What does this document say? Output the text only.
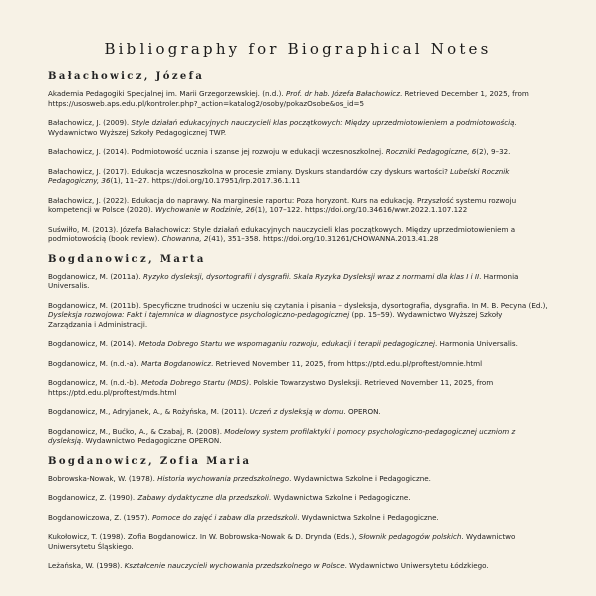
Bibliography for Biographical Notes
Bałachowicz, Józefa

Akademia Pedagogiki Specjalnej im. Marii Grzegorzewskiej. (n.d.). Prof. dr hab. Józefa Bałachowicz. Retrieved December 1, 2025, from https://usosweb.aps.edu.pl/kontroler.php?_action=katalog2/osoby/pokazOsobe&os_id=5

Bałachowicz, J. (2009). Style działań edukacyjnych nauczycieli klas początkowych: Między uprzedmiotowieniem a podmiotowością. Wydawnictwo Wyższej Szkoły Pedagogicznej TWP.

Bałachowicz, J. (2014). Podmiotowość ucznia i szanse jej rozwoju w edukacji wczesnoszkolnej. Roczniki Pedagogiczne, 6(2), 9–32.

Bałachowicz, J. (2017). Edukacja wczesnoszkolna w procesie zmiany. Dyskurs standardów czy dyskurs wartości? Lubelski Rocznik Pedagogiczny, 36(1), 11–27. https://doi.org/10.17951/lrp.2017.36.1.11

Bałachowicz, J. (2022). Edukacja do naprawy. Na marginesie raportu: Poza horyzont. Kurs na edukację. Przyszłość systemu rozwoju kompetencji w Polsce (2020). Wychowanie w Rodzinie, 26(1), 107–122. https://doi.org/10.34616/wwr.2022.1.107.122

Suświłło, M. (2013). Józefa Bałachowicz: Style działań edukacyjnych nauczycieli klas początkowych. Między uprzedmiotowieniem a podmiotowością (book review). Chowanna, 2(41), 351–358. https://doi.org/10.31261/CHOWANNA.2013.41.28

Bogdanowicz, Marta

Bogdanowicz, M. (2011a). Ryzyko dysleksji, dysortografii i dysgrafii. Skala Ryzyka Dysleksji wraz z normami dla klas I i II. Harmonia Universalis.

Bogdanowicz, M. (2011b). Specyficzne trudności w uczeniu się czytania i pisania – dysleksja, dysortografia, dysgrafia. In M. B. Pecyna (Ed.), Dysleksja rozwojowa: Fakt i tajemnica w diagnostyce psychologiczno-pedagogicznej (pp. 15–59). Wydawnictwo Wyższej Szkoły Zarządzania i Administracji.

Bogdanowicz, M. (2014). Metoda Dobrego Startu we wspomaganiu rozwoju, edukacji i terapii pedagogicznej. Harmonia Universalis.

Bogdanowicz, M. (n.d.-a). Marta Bogdanowicz. Retrieved November 11, 2025, from https://ptd.edu.pl/proftest/omnie.html

Bogdanowicz, M. (n.d.-b). Metoda Dobrego Startu (MDS). Polskie Towarzystwo Dysleksji. Retrieved November 11, 2025, from https://ptd.edu.pl/proftest/mds.html

Bogdanowicz, M., Adryjanek, A., & Rożyńska, M. (2011). Uczeń z dysleksją w domu. OPERON.

Bogdanowicz, M., Bućko, A., & Czabaj, R. (2008). Modelowy system profilaktyki i pomocy psychologiczno-pedagogicznej uczniom z dysleksją. Wydawnictwo Pedagogiczne OPERON.

Bogdanowicz, Zofia Maria

Bobrowska-Nowak, W. (1978). Historia wychowania przedszkolnego. Wydawnictwa Szkolne i Pedagogiczne.

Bogdanowicz, Z. (1990). Zabawy dydaktyczne dla przedszkoli. Wydawnictwa Szkolne i Pedagogiczne.

Bogdanowiczowa, Z. (1957). Pomoce do zajęć i zabaw dla przedszkoli. Wydawnictwa Szkolne i Pedagogiczne.

Kukołowicz, T. (1998). Zofia Bogdanowicz. In W. Bobrowska-Nowak & D. Drynda (Eds.), Słownik pedagogów polskich. Wydawnictwo Uniwersytetu Śląskiego.

Leżańska, W. (1998). Kształcenie nauczycieli wychowania przedszkolnego w Polsce. Wydawnictwo Uniwersytetu Łódzkiego.
